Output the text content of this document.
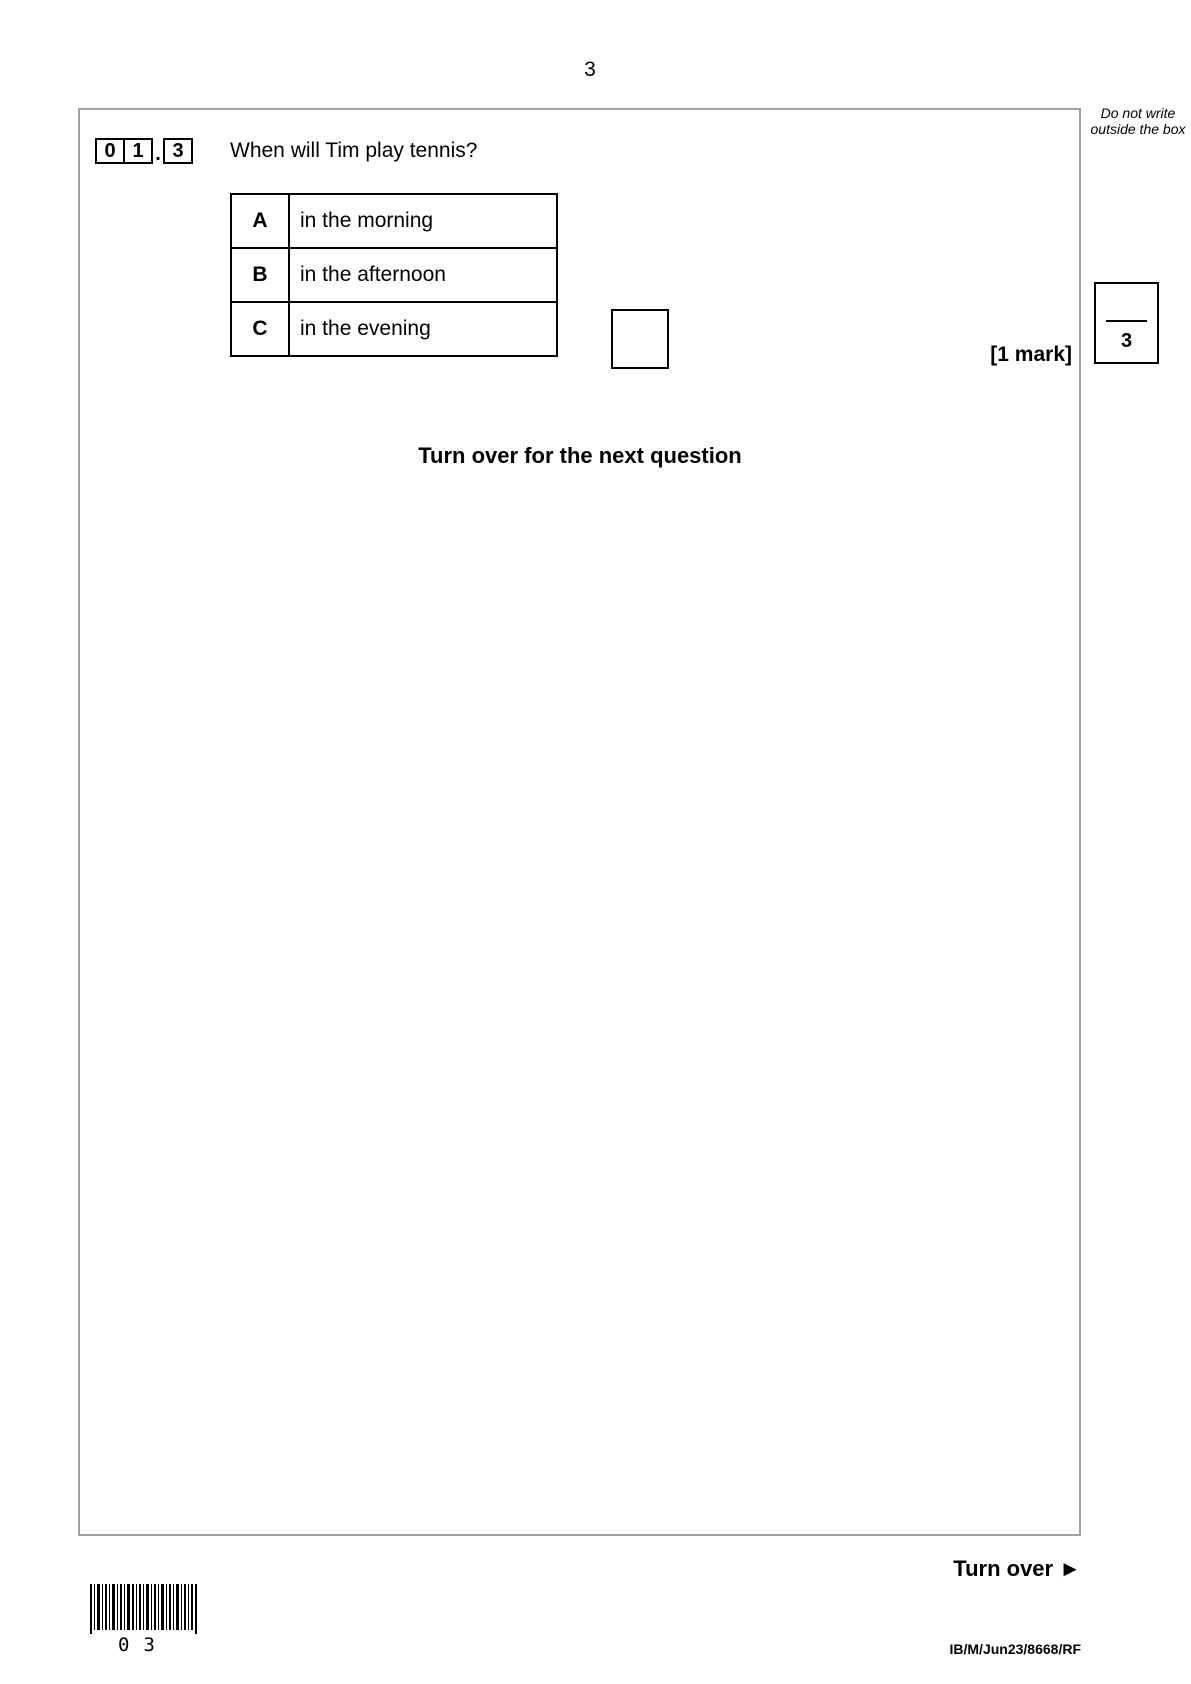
3
Do not write outside the box
0 1 . 3	When will Tim play tennis?
A	in the morning
B	in the afternoon
C	in the evening
[1 mark]
3
Turn over for the next question
Turn over ►
03	IB/M/Jun23/8668/RF
